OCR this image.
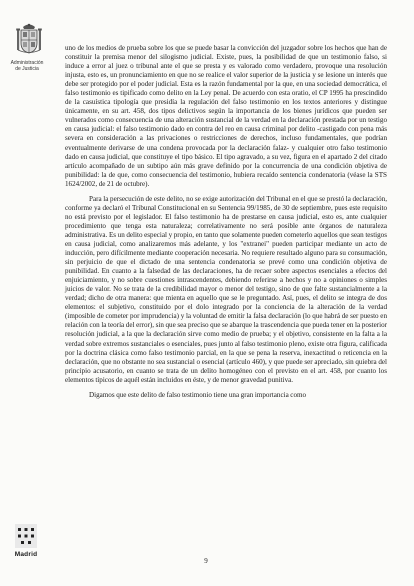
Administración
de Justicia
Madrid

uno de los medios de prueba sobre los que se puede basar la convicción del juzgador sobre los hechos que han de constituir la premisa menor del silogismo judicial. Existe, pues, la posibilidad de que un testimonio falso, si induce a error al juez o tribunal ante el que se presta y es valorado como verdadero, provoque una resolución injusta, esto es, un pronunciamiento en que no se realice el valor superior de la justicia y se lesione un interés que debe ser protegido por el poder judicial. Esta es la razón fundamental por la que, en una sociedad democrática, el falso testimonio es tipificado como delito en la Ley penal. De acuerdo con esta oratio, el CP 1995 ha prescindido de la casuística tipología que presidía la regulación del falso testimonio en los textos anteriores y distingue únicamente, en su art. 458, dos tipos delictivos según la importancia de los bienes jurídicos que pueden ser vulnerados como consecuencia de una alteración sustancial de la verdad en la declaración prestada por un testigo en causa judicial: el falso testimonio dado en contra del reo en causa criminal por delito -castigado con pena más severa en consideración a las privaciones o restricciones de derechos, incluso fundamentales, que podrían eventualmente derivarse de una condena provocada por la declaración falaz- y cualquier otro falso testimonio dado en causa judicial, que constituye el tipo básico. El tipo agravado, a su vez, figura en el apartado 2 del citado artículo acompañado de un subtipo aún más grave definido por la concurrencia de una condición objetiva de punibilidad: la de que, como consecuencia del testimonio, hubiera recaído sentencia condenatoria (véase la STS 1624/2002, de 21 de octubre).

Para la persecución de este delito, no se exige autorización del Tribunal en el que se prestó la declaración, conforme ya declaró el Tribunal Constitucional en su Sentencia 99/1985, de 30 de septiembre, pues este requisito no está previsto por el legislador. El falso testimonio ha de prestarse en causa judicial, esto es, ante cualquier procedimiento que tenga esta naturaleza; correlativamente no será posible ante órganos de naturaleza administrativa. Es un delito especial y propio, en tanto que solamente pueden cometerlo aquellos que sean testigos en causa judicial, como analizaremos más adelante, y los "extranei" pueden participar mediante un acto de inducción, pero difícilmente mediante cooperación necesaria. No requiere resultado alguno para su consumación, sin perjuicio de que el dictado de una sentencia condenatoria se prevé como una condición objetiva de punibilidad. En cuanto a la falsedad de las declaraciones, ha de recaer sobre aspectos esenciales a efectos del enjuiciamiento, y no sobre cuestiones intrascendentes, debiendo referirse a hechos y no a opiniones o simples juicios de valor. No se trata de la credibilidad mayor o menor del testigo, sino de que falte sustancialmente a la verdad; dicho de otra manera: que mienta en aquello que se le preguntado. Así, pues, el delito se integra de dos elementos: el subjetivo, constituido por el dolo integrado por la conciencia de la alteración de la verdad (imposible de cometer por imprudencia) y la voluntad de emitir la falsa declaración (lo que habrá de ser puesto en relación con la teoría del error), sin que sea preciso que se abarque la trascendencia que pueda tener en la posterior resolución judicial, a la que la declaración sirve como medio de prueba; y el objetivo, consistente en la falta a la verdad sobre extremos sustanciales o esenciales, pues junto al falso testimonio pleno, existe otra figura, calificada por la doctrina clásica como falso testimonio parcial, en la que se pena la reserva, inexactitud o reticencia en la declaración, que no obstante no sea sustancial o esencial (artículo 460), y que puede ser apreciado, sin quiebra del principio acusatorio, en cuanto se trata de un delito homogéneo con el previsto en el art. 458, por cuanto los elementos típicos de aquél están incluidos en éste, y de menor gravedad punitiva.

Digamos que este delito de falso testimonio tiene una gran importancia como

9
